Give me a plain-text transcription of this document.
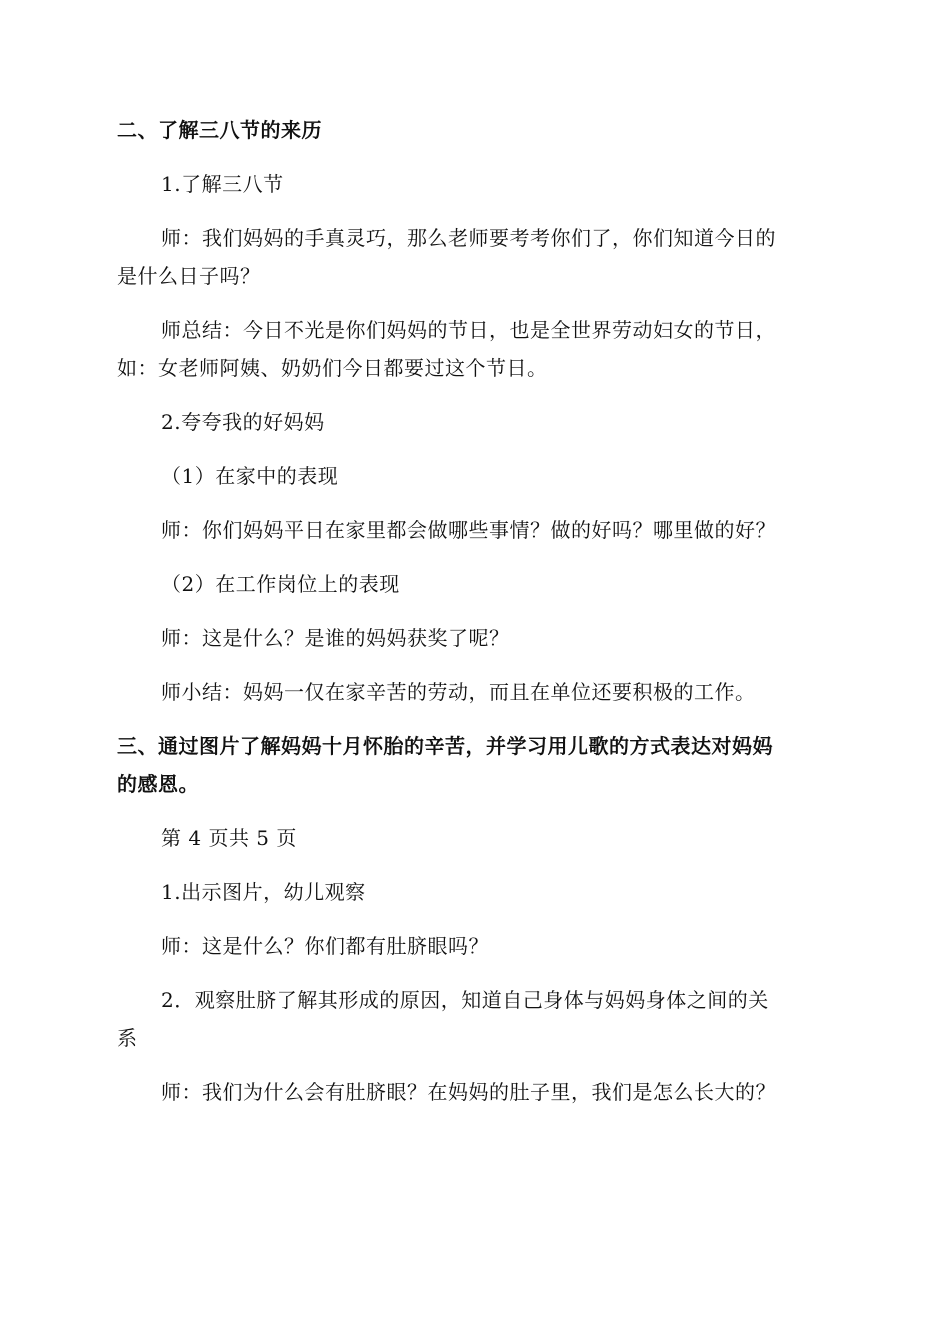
二、了解三八节的来历
1.了解三八节
师：我们妈妈的手真灵巧，那么老师要考考你们了，你们知道今日的
是什么日子吗？
师总结：今日不光是你们妈妈的节日，也是全世界劳动妇女的节日，
如：女老师阿姨、奶奶们今日都要过这个节日。
2.夸夸我的好妈妈
（1）在家中的表现
师：你们妈妈平日在家里都会做哪些事情？做的好吗？哪里做的好？
（2）在工作岗位上的表现
师：这是什么？是谁的妈妈获奖了呢？
师小结：妈妈一仅在家辛苦的劳动，而且在单位还要积极的工作。
三、通过图片了解妈妈十月怀胎的辛苦，并学习用儿歌的方式表达对妈妈
的感恩。
第 4 页共 5 页
1.出示图片，幼儿观察
师：这是什么？你们都有肚脐眼吗？
2．观察肚脐了解其形成的原因，知道自己身体与妈妈身体之间的关
系
师：我们为什么会有肚脐眼？在妈妈的肚子里，我们是怎么长大的？
